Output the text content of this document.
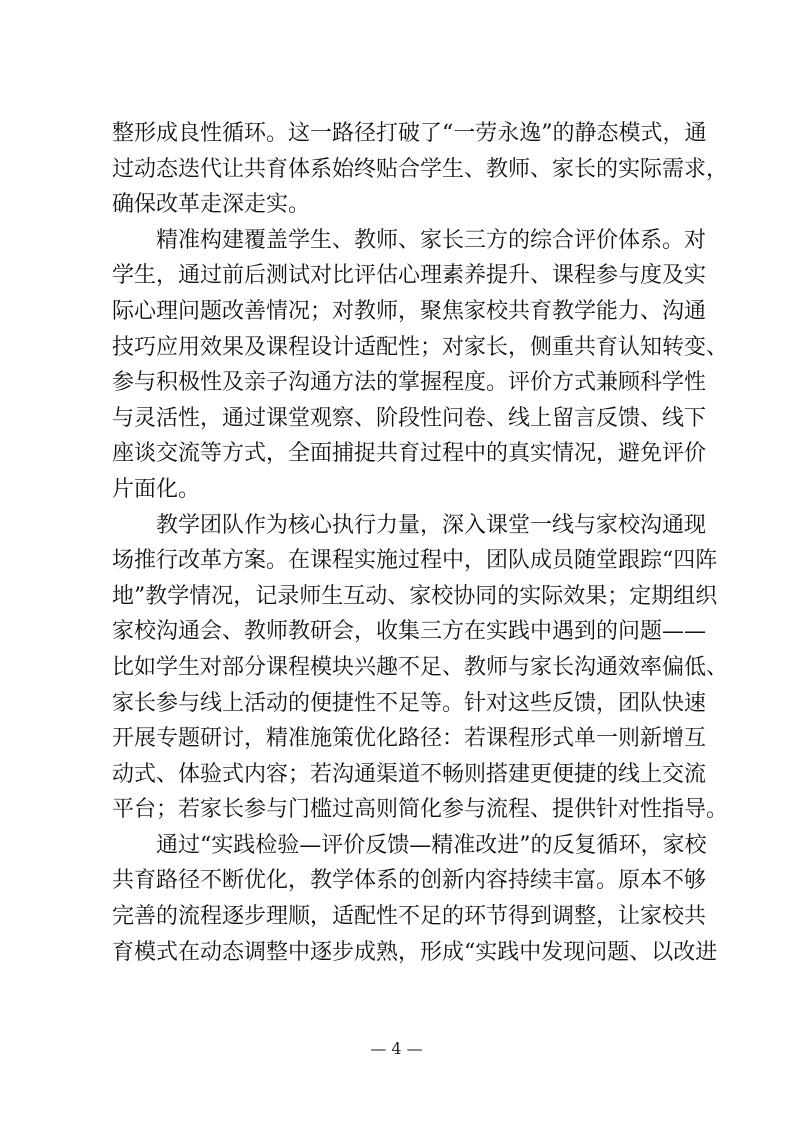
整形成良性循环。这一路径打破了“一劳永逸”的静态模式，通
过动态迭代让共育体系始终贴合学生、教师、家长的实际需求，
确保改革走深走实。
精准构建覆盖学生、教师、家长三方的综合评价体系。对
学生，通过前后测试对比评估心理素养提升、课程参与度及实
际心理问题改善情况；对教师，聚焦家校共育教学能力、沟通
技巧应用效果及课程设计适配性；对家长，侧重共育认知转变、
参与积极性及亲子沟通方法的掌握程度。评价方式兼顾科学性
与灵活性，通过课堂观察、阶段性问卷、线上留言反馈、线下
座谈交流等方式，全面捕捉共育过程中的真实情况，避免评价
片面化。
教学团队作为核心执行力量，深入课堂一线与家校沟通现
场推行改革方案。在课程实施过程中，团队成员随堂跟踪“四阵
地”教学情况，记录师生互动、家校协同的实际效果；定期组织
家校沟通会、教师教研会，收集三方在实践中遇到的问题——
比如学生对部分课程模块兴趣不足、教师与家长沟通效率偏低、
家长参与线上活动的便捷性不足等。针对这些反馈，团队快速
开展专题研讨，精准施策优化路径：若课程形式单一则新增互
动式、体验式内容；若沟通渠道不畅则搭建更便捷的线上交流
平台；若家长参与门槛过高则简化参与流程、提供针对性指导。
通过“实践检验—评价反馈—精准改进”的反复循环，家校
共育路径不断优化，教学体系的创新内容持续丰富。原本不够
完善的流程逐步理顺，适配性不足的环节得到调整，让家校共
育模式在动态调整中逐步成熟，形成“实践中发现问题、以改进
— 4 —
